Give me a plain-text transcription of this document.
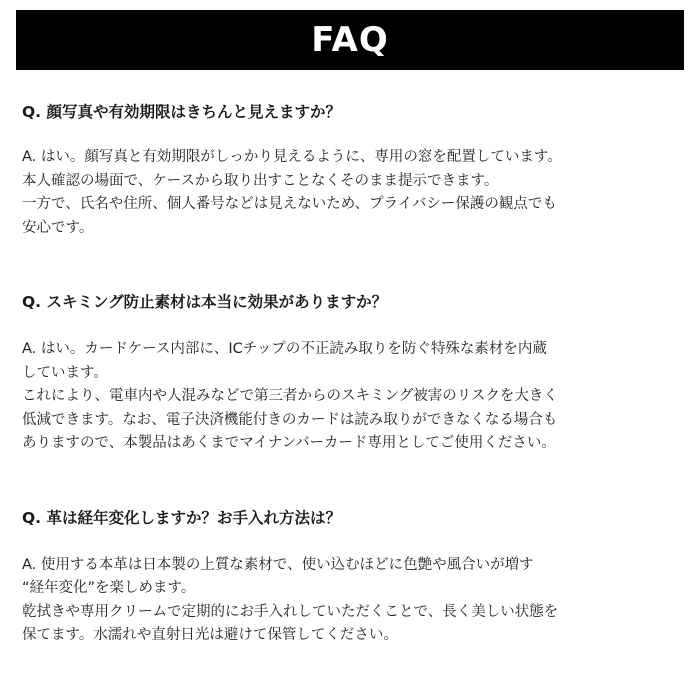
FAQ
Q. 顔写真や有効期限はきちんと見えますか？

A. はい。顔写真と有効期限がしっかり見えるように、専用の窓を配置しています。

本人確認の場面で、ケースから取り出すことなくそのまま提示できます。

一方で、氏名や住所、個人番号などは見えないため、プライバシー保護の観点でも

安心です。

Q. スキミング防止素材は本当に効果がありますか？

A. はい。カードケース内部に、ICチップの不正読み取りを防ぐ特殊な素材を内蔵

しています。

これにより、電車内や人混みなどで第三者からのスキミング被害のリスクを大きく

低減できます。なお、電子決済機能付きのカードは読み取りができなくなる場合も

ありますので、本製品はあくまでマイナンバーカード専用としてご使用ください。

Q. 革は経年変化しますか？お手入れ方法は？

A. 使用する本革は日本製の上質な素材で、使い込むほどに色艶や風合いが増す

“経年変化”を楽しめます。

乾拭きや専用クリームで定期的にお手入れしていただくことで、長く美しい状態を

保てます。水濡れや直射日光は避けて保管してください。
